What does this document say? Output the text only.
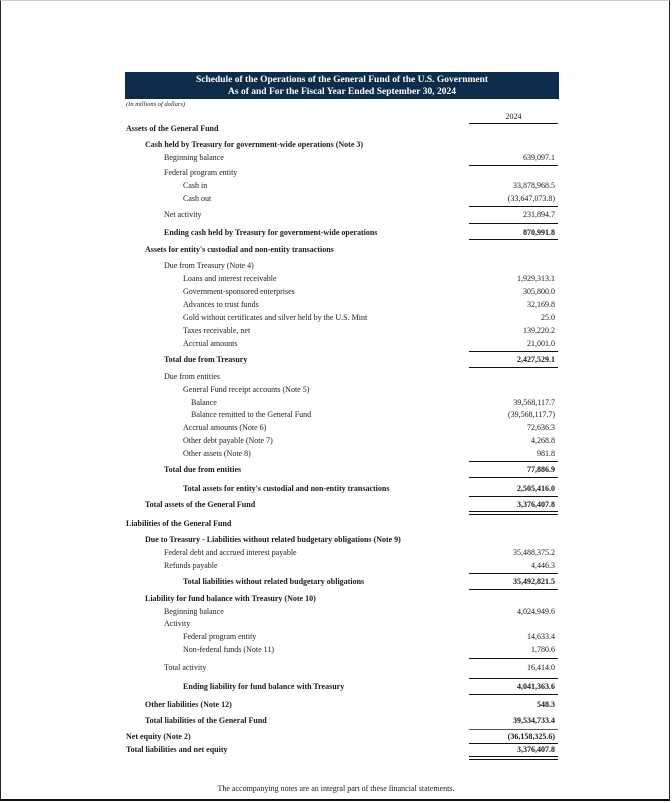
Schedule of the Operations of the General Fund of the U.S. Government
As of and For the Fiscal Year Ended September 30, 2024
(In millions of dollars)
2024
Assets of the General Fund
Cash held by Treasury for government-wide operations (Note 3)
Beginning balance	639,097.1
Federal program entity
Cash in	33,878,968.5
Cash out	(33,647,073.8)
Net activity	231,894.7
Ending cash held by Treasury for government-wide operations	870,991.8
Assets for entity's custodial and non-entity transactions
Due from Treasury (Note 4)
Loans and interest receivable	1,929,313.1
Government-sponsored enterprises	305,800.0
Advances to trust funds	32,169.8
Gold without certificates and silver held by the U.S. Mint	25.0
Taxes receivable, net	139,220.2
Accrual amounts	21,001.0
Total due from Treasury	2,427,529.1
Due from entities
General Fund receipt accounts (Note 5)
Balance	39,568,117.7
Balance remitted to the General Fund	(39,568,117.7)
Accrual amounts (Note 6)	72,636.3
Other debt payable (Note 7)	4,268.8
Other assets (Note 8)	981.8
Total due from entities	77,886.9
Total assets for entity's custodial and non-entity transactions	2,505,416.0
Total assets of the General Fund	3,376,407.8
Liabilities of the General Fund
Due to Treasury - Liabilities without related budgetary obligations (Note 9)
Federal debt and accrued interest payable	35,488,375.2
Refunds payable	4,446.3
Total liabilities without related budgetary obligations	35,492,821.5
Liability for fund balance with Treasury (Note 10)
Beginning balance	4,024,949.6
Activity
Federal program entity	14,633.4
Non-federal funds (Note 11)	1,780.6
Total activity	16,414.0
Ending liability for fund balance with Treasury	4,041,363.6
Other liabilities (Note 12)	548.3
Total liabilities of the General Fund	39,534,733.4
Net equity (Note 2)	(36,158,325.6)
Total liabilities and net equity	3,376,407.8
The accompanying notes are an integral part of these financial statements.
